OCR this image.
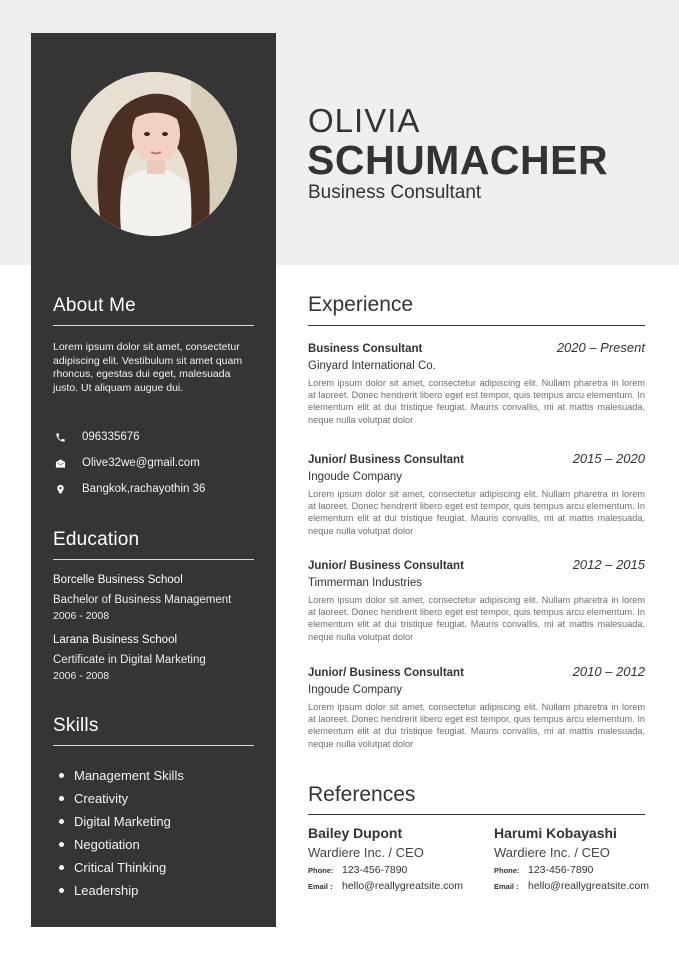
About Me

Lorem ipsum dolor sit amet, consectetur adipiscing elit. Vestibulum sit amet quam rhoncus, egestas dui eget, malesuada justo. Ut aliquam augue dui.

096335676
Olive32we@gmail.com
Bangkok,rachayothin 36
Education
Borcelle Business School
Bachelor of Business Management
2006 - 2008
Larana Business School
Certificate in Digital Marketing
2006 - 2008
Skills
Management Skills
Creativity
Digital Marketing
Negotiation
Critical Thinking
Leadership
OLIVIA
SCHUMACHER
Business Consultant
Experience
Business Consultant	2020 – Present
Ginyard International Co.

Lorem ipsum dolor sit amet, consectetur adipiscing elit. Nullam pharetra in lorem at laoreet. Donec hendrerit libero eget est tempor, quis tempus arcu elementum. In elementum elit at dui tristique feugiat. Mauris convallis, mi at mattis malesuada, neque nulla volutpat dolor

Junior/ Business Consultant	2015 – 2020
Ingoude Company

Lorem ipsum dolor sit amet, consectetur adipiscing elit. Nullam pharetra in lorem at laoreet. Donec hendrerit libero eget est tempor, quis tempus arcu elementum. In elementum elit at dui tristique feugiat. Mauris convallis, mi at mattis malesuada, neque nulla volutpat dolor

Junior/ Business Consultant	2012 – 2015
Timmerman Industries

Lorem ipsum dolor sit amet, consectetur adipiscing elit. Nullam pharetra in lorem at laoreet. Donec hendrerit libero eget est tempor, quis tempus arcu elementum. In elementum elit at dui tristique feugiat. Mauris convallis, mi at mattis malesuada, neque nulla volutpat dolor

Junior/ Business Consultant	2010 – 2012
Ingoude Company

Lorem ipsum dolor sit amet, consectetur adipiscing elit. Nullam pharetra in lorem at laoreet. Donec hendrerit libero eget est tempor, quis tempus arcu elementum. In elementum elit at dui tristique feugiat. Mauris convallis, mi at mattis malesuada, neque nulla volutpat dolor

References
Bailey Dupont
Wardiere Inc. / CEO
Phone: 123-456-7890
Email : hello@reallygreatsite.com
Harumi Kobayashi
Wardiere Inc. / CEO
Phone: 123-456-7890
Email : hello@reallygreatsite.com
